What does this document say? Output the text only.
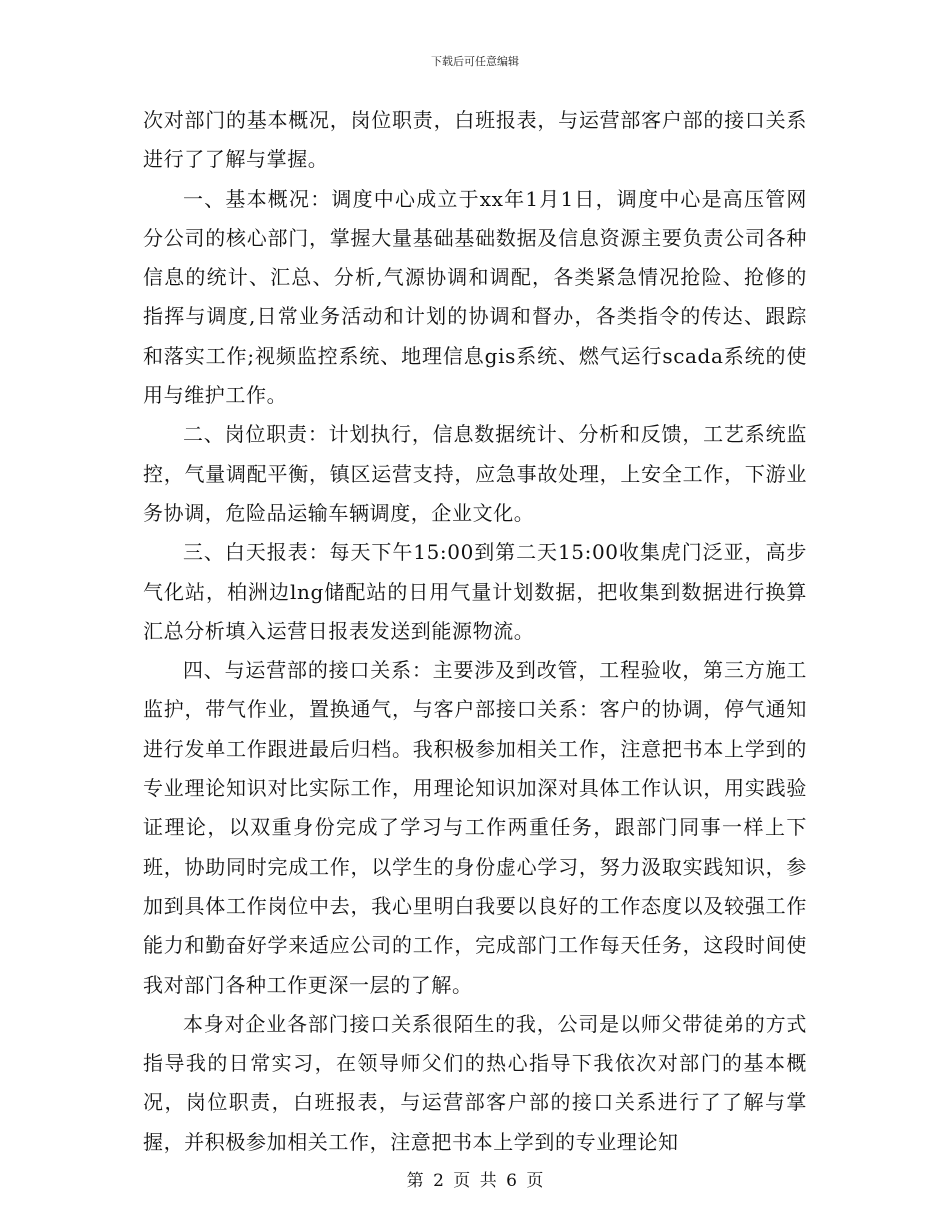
下载后可任意编辑

次对部门的基本概况，岗位职责，白班报表，与运营部客户部的接口关系进行了了解与掌握。

一、基本概况：调度中心成立于xx年1月1日，调度中心是高压管网分公司的核心部门，掌握大量基础基础数据及信息资源主要负责公司各种信息的统计、汇总、分析,气源协调和调配，各类紧急情况抢险、抢修的指挥与调度,日常业务活动和计划的协调和督办，各类指令的传达、跟踪和落实工作;视频监控系统、地理信息gis系统、燃气运行scada系统的使用与维护工作。

二、岗位职责：计划执行，信息数据统计、分析和反馈，工艺系统监控，气量调配平衡，镇区运营支持，应急事故处理，上安全工作，下游业务协调，危险品运输车辆调度，企业文化。

三、白天报表：每天下午15:00到第二天15:00收集虎门泛亚，高步气化站，柏洲边lng储配站的日用气量计划数据，把收集到数据进行换算汇总分析填入运营日报表发送到能源物流。

四、与运营部的接口关系：主要涉及到改管，工程验收，第三方施工监护，带气作业，置换通气，与客户部接口关系：客户的协调，停气通知进行发单工作跟进最后归档。我积极参加相关工作，注意把书本上学到的专业理论知识对比实际工作，用理论知识加深对具体工作认识，用实践验证理论，以双重身份完成了学习与工作两重任务，跟部门同事一样上下班，协助同时完成工作，以学生的身份虚心学习，努力汲取实践知识，参加到具体工作岗位中去，我心里明白我要以良好的工作态度以及较强工作能力和勤奋好学来适应公司的工作，完成部门工作每天任务，这段时间使我对部门各种工作更深一层的了解。

本身对企业各部门接口关系很陌生的我，公司是以师父带徒弟的方式指导我的日常实习，在领导师父们的热心指导下我依次对部门的基本概况，岗位职责，白班报表，与运营部客户部的接口关系进行了了解与掌握，并积极参加相关工作，注意把书本上学到的专业理论知

第 2 页 共 6 页
